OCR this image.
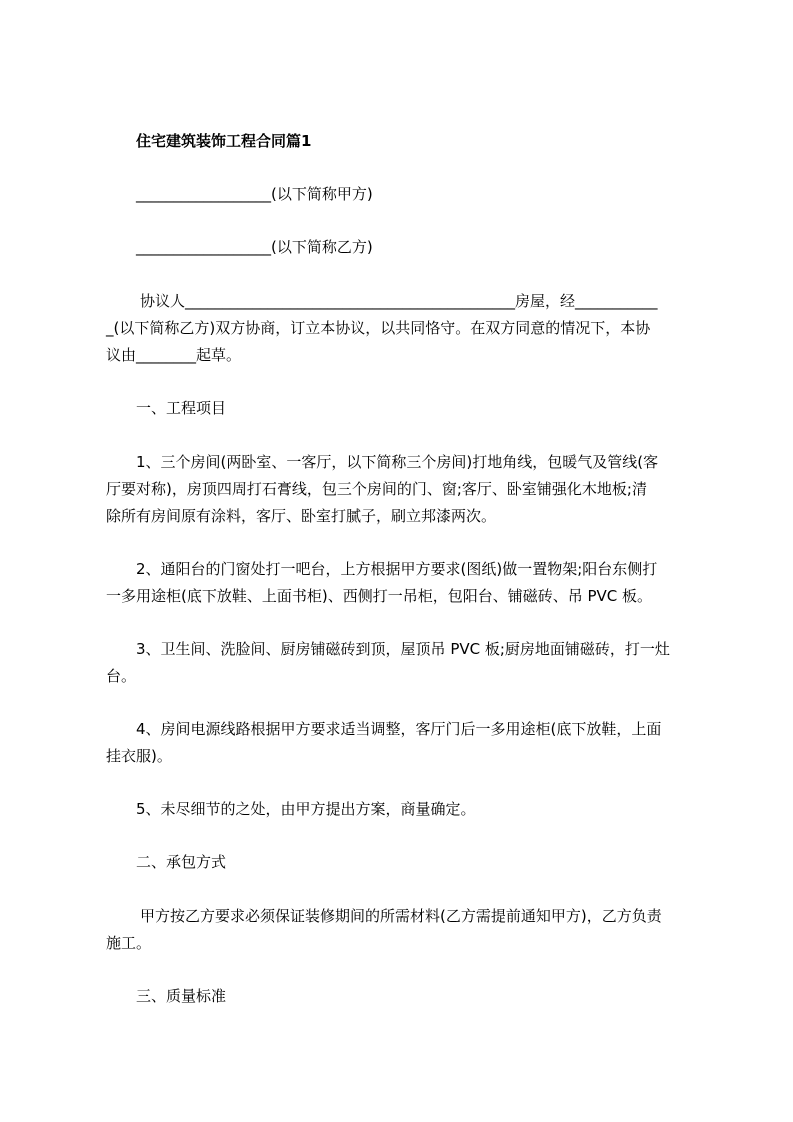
住宅建筑装饰工程合同篇1
__________________(以下简称甲方)
__________________(以下简称乙方)
协议人____________________________________________房屋，经___________
_(以下简称乙方)双方协商，订立本协议，以共同恪守。在双方同意的情况下，本协
议由________起草。
一、工程项目
1、三个房间(两卧室、一客厅，以下简称三个房间)打地角线，包暖气及管线(客
厅要对称)，房顶四周打石膏线，包三个房间的门、窗;客厅、卧室铺强化木地板;清
除所有房间原有涂料，客厅、卧室打腻子，刷立邦漆两次。
2、通阳台的门窗处打一吧台，上方根据甲方要求(图纸)做一置物架;阳台东侧打
一多用途柜(底下放鞋、上面书柜)、西侧打一吊柜，包阳台、铺磁砖、吊 PVC 板。
3、卫生间、洗脸间、厨房铺磁砖到顶，屋顶吊 PVC 板;厨房地面铺磁砖，打一灶
台。
4、房间电源线路根据甲方要求适当调整，客厅门后一多用途柜(底下放鞋，上面
挂衣服)。
5、未尽细节的之处，由甲方提出方案，商量确定。
二、承包方式
甲方按乙方要求必须保证装修期间的所需材料(乙方需提前通知甲方)，乙方负责
施工。
三、质量标准
